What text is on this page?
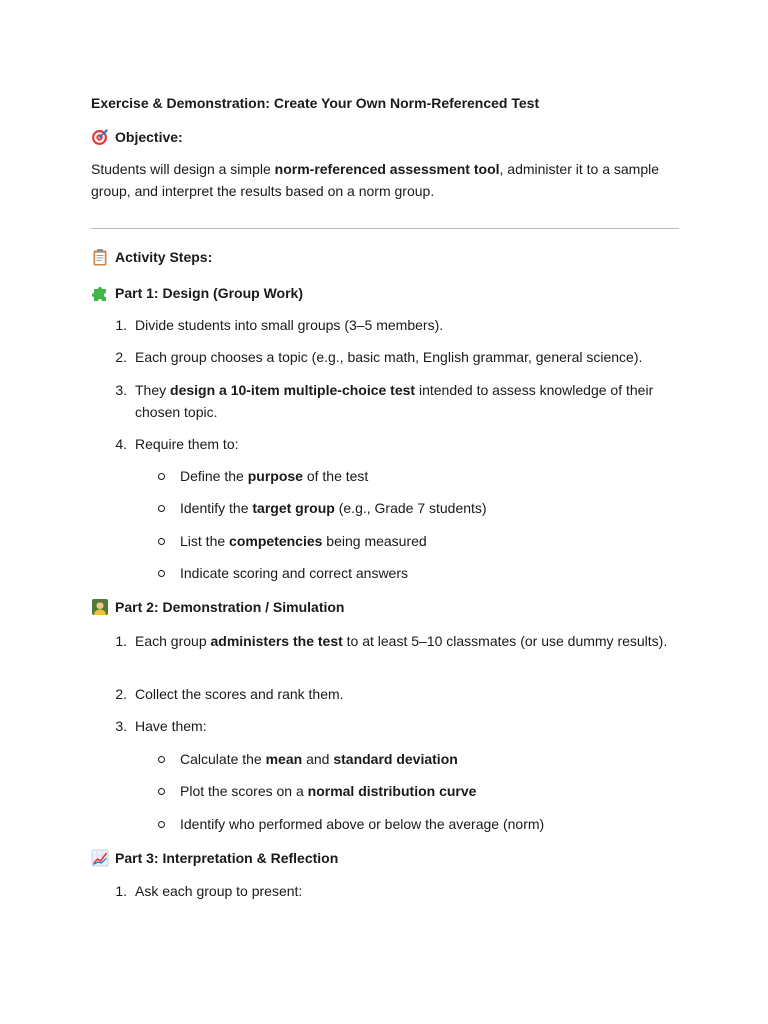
Exercise & Demonstration: Create Your Own Norm-Referenced Test
Objective:
Students will design a simple norm-referenced assessment tool, administer it to a sample group, and interpret the results based on a norm group.
Activity Steps:
Part 1: Design (Group Work)
1. Divide students into small groups (3–5 members).
2. Each group chooses a topic (e.g., basic math, English grammar, general science).
3. They design a 10-item multiple-choice test intended to assess knowledge of their chosen topic.
4. Require them to:
Define the purpose of the test
Identify the target group (e.g., Grade 7 students)
List the competencies being measured
Indicate scoring and correct answers
Part 2: Demonstration / Simulation
1. Each group administers the test to at least 5–10 classmates (or use dummy results).
2. Collect the scores and rank them.
3. Have them:
Calculate the mean and standard deviation
Plot the scores on a normal distribution curve
Identify who performed above or below the average (norm)
Part 3: Interpretation & Reflection
1. Ask each group to present:
